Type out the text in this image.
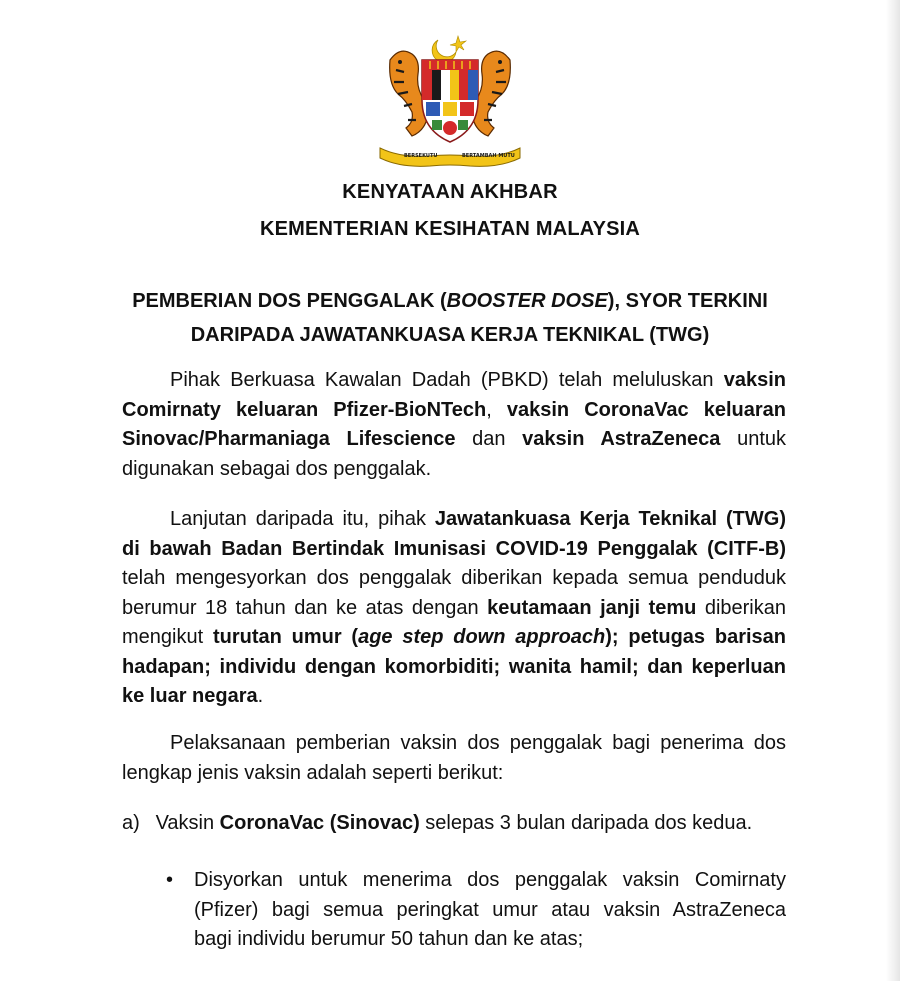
BERSEKUTU	BERTAMBAH MUTU
KENYATAAN AKHBAR
KEMENTERIAN KESIHATAN MALAYSIA
PEMBERIAN DOS PENGGALAK (BOOSTER DOSE), SYOR TERKINI
DARIPADA JAWATANKUASA KERJA TEKNIKAL (TWG)
Pihak Berkuasa Kawalan Dadah (PBKD) telah meluluskan vaksin
Comirnaty keluaran Pfizer-BioNTech, vaksin CoronaVac keluaran
Sinovac/Pharmaniaga Lifescience dan vaksin AstraZeneca untuk
digunakan sebagai dos penggalak.
Lanjutan daripada itu, pihak Jawatankuasa Kerja Teknikal (TWG)
di bawah Badan Bertindak Imunisasi COVID-19 Penggalak (CITF-B)
telah mengesyorkan dos penggalak diberikan kepada semua penduduk
berumur 18 tahun dan ke atas dengan keutamaan janji temu diberikan
mengikut turutan umur (age step down approach); petugas barisan
hadapan; individu dengan komorbiditi; wanita hamil; dan keperluan
ke luar negara.
Pelaksanaan pemberian vaksin dos penggalak bagi penerima dos
lengkap jenis vaksin adalah seperti berikut:
a) Vaksin CoronaVac (Sinovac) selepas 3 bulan daripada dos kedua.
•	Disyorkan untuk menerima dos penggalak vaksin Comirnaty
(Pfizer) bagi semua peringkat umur atau vaksin AstraZeneca
bagi individu berumur 50 tahun dan ke atas;
